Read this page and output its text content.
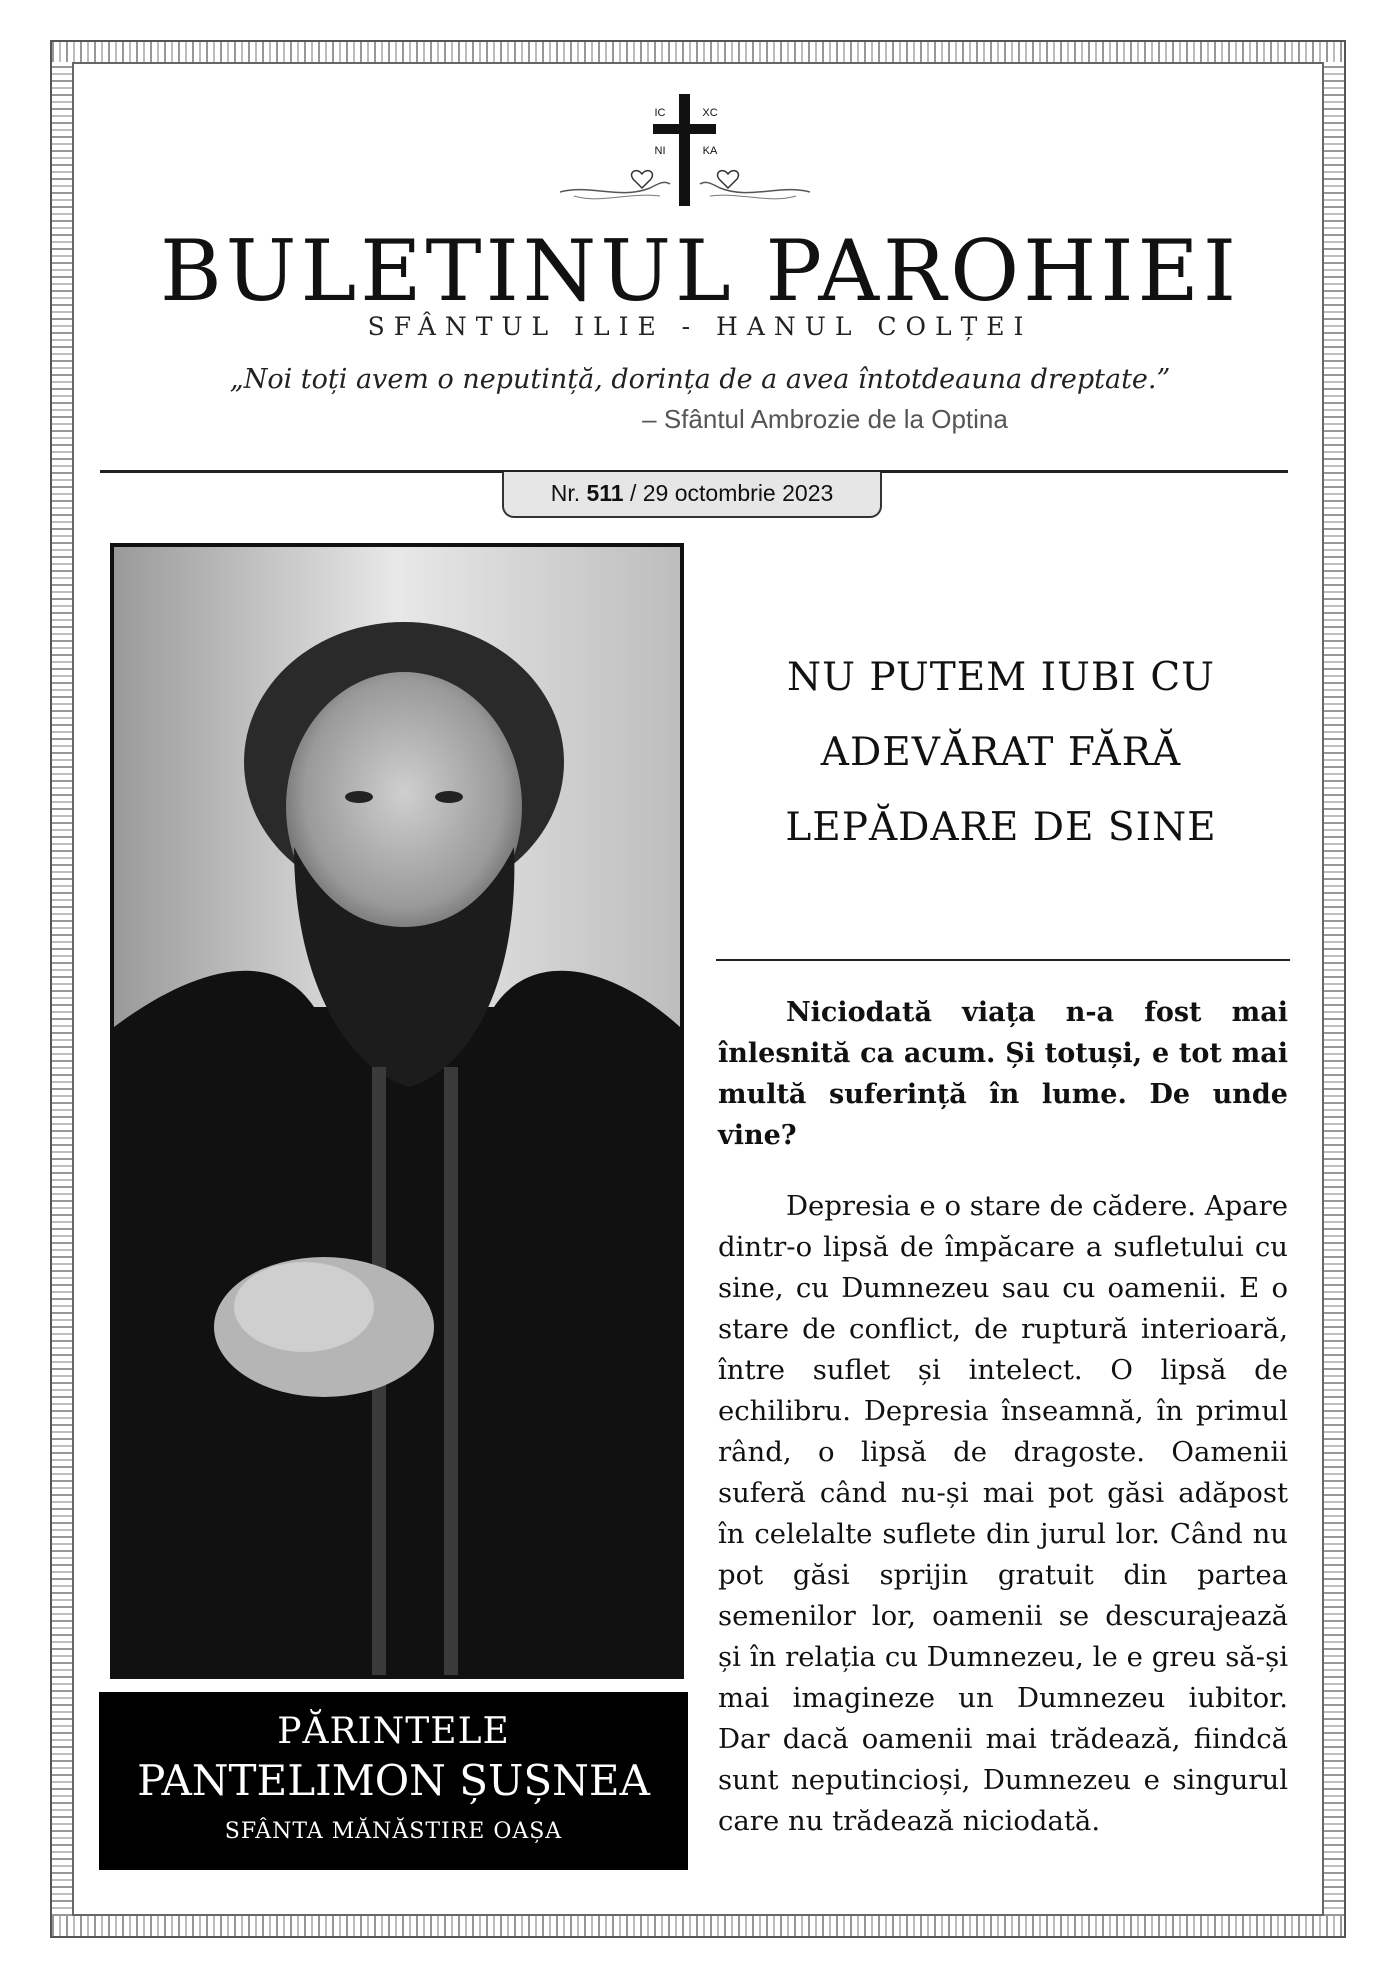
IC	XC
NI	KA
BULETINUL PAROHIEI
SFÂNTUL ILIE - HANUL COLȚEI
„Noi toți avem o neputință, dorința de a avea întotdeauna dreptate.”
– Sfântul Ambrozie de la Optina
Nr. 511 / 29 octombrie 2023
PĂRINTELE
PANTELIMON ȘUȘNEA
SFÂNTA MĂNĂSTIRE OAȘA
NU PUTEM IUBI CU ADEVĂRAT FĂRĂ LEPĂDARE DE SINE
Niciodată viața n-a fost mai înlesnită ca acum. Și totuși, e tot mai multă suferință în lume. De unde vine?
Depresia e o stare de cădere. Apare dintr-o lipsă de împăcare a sufletului cu sine, cu Dumnezeu sau cu oamenii. E o stare de conflict, de ruptură interioară, între suflet și intelect. O lipsă de echilibru. Depresia înseamnă, în primul rând, o lipsă de dragoste. Oamenii suferă când nu-și mai pot găsi adăpost în celelalte suflete din jurul lor. Când nu pot găsi sprijin gratuit din partea semenilor lor, oamenii se descurajează și în relația cu Dumnezeu, le e greu să-și mai imagineze un Dumnezeu iubitor. Dar dacă oamenii mai trădează, fiindcă sunt neputincioși, Dumnezeu e singurul care nu trădează niciodată.
